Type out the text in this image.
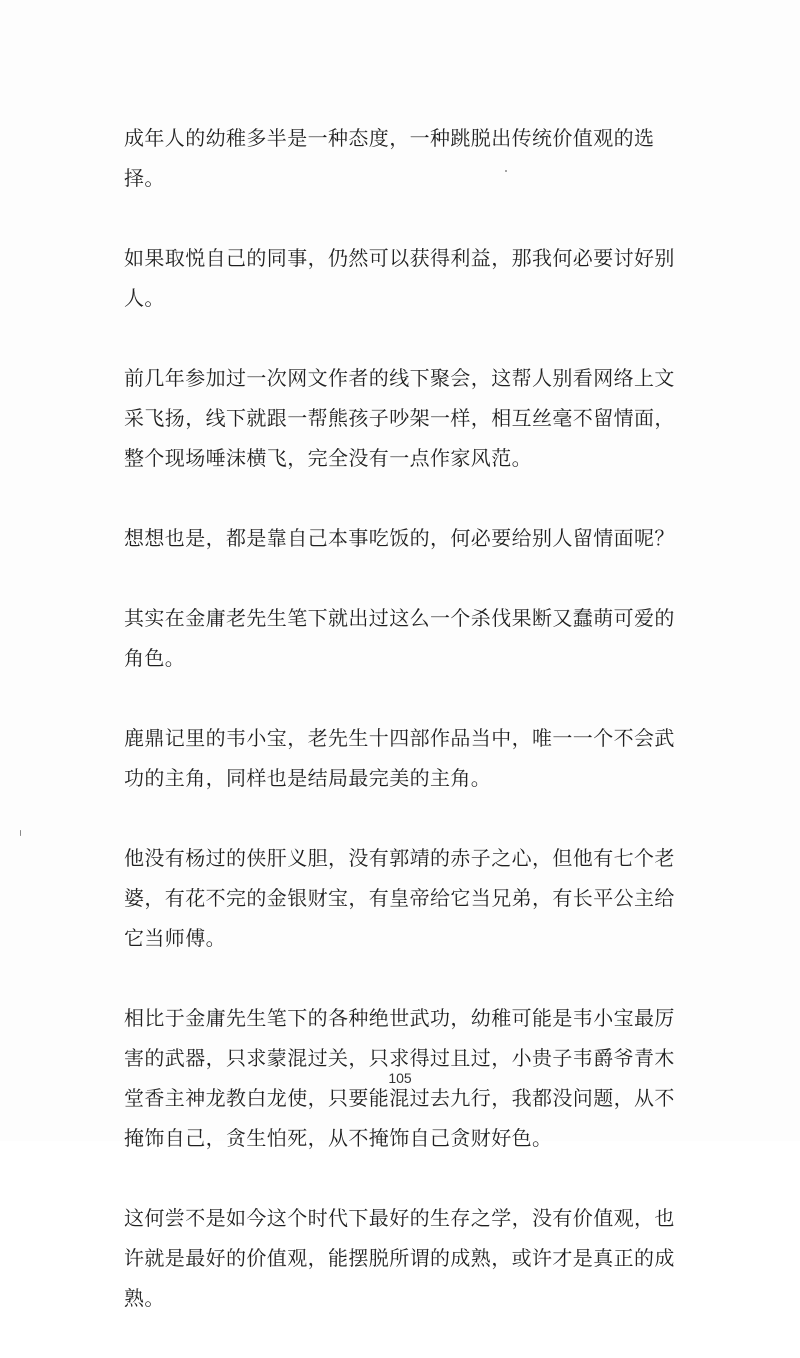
成年人的幼稚多半是一种态度，一种跳脱出传统价值观的选择。

如果取悦自己的同事，仍然可以获得利益，那我何必要讨好别人。

前几年参加过一次网文作者的线下聚会，这帮人别看网络上文采飞扬，线下就跟一帮熊孩子吵架一样，相互丝毫不留情面，整个现场唾沫横飞，完全没有一点作家风范。

想想也是，都是靠自己本事吃饭的，何必要给别人留情面呢？

其实在金庸老先生笔下就出过这么一个杀伐果断又蠢萌可爱的角色。

鹿鼎记里的韦小宝，老先生十四部作品当中，唯一一个不会武功的主角，同样也是结局最完美的主角。

他没有杨过的侠肝义胆，没有郭靖的赤子之心，但他有七个老婆，有花不完的金银财宝，有皇帝给它当兄弟，有长平公主给它当师傅。

相比于金庸先生笔下的各种绝世武功，幼稚可能是韦小宝最厉害的武器，只求蒙混过关，只求得过且过，小贵子韦爵爷青木堂香主神龙教白龙使，只要能混过去九行，我都没问题，从不掩饰自己，贪生怕死，从不掩饰自己贪财好色。

这何尝不是如今这个时代下最好的生存之学，没有价值观，也许就是最好的价值观，能摆脱所谓的成熟，或许才是真正的成熟。

105
